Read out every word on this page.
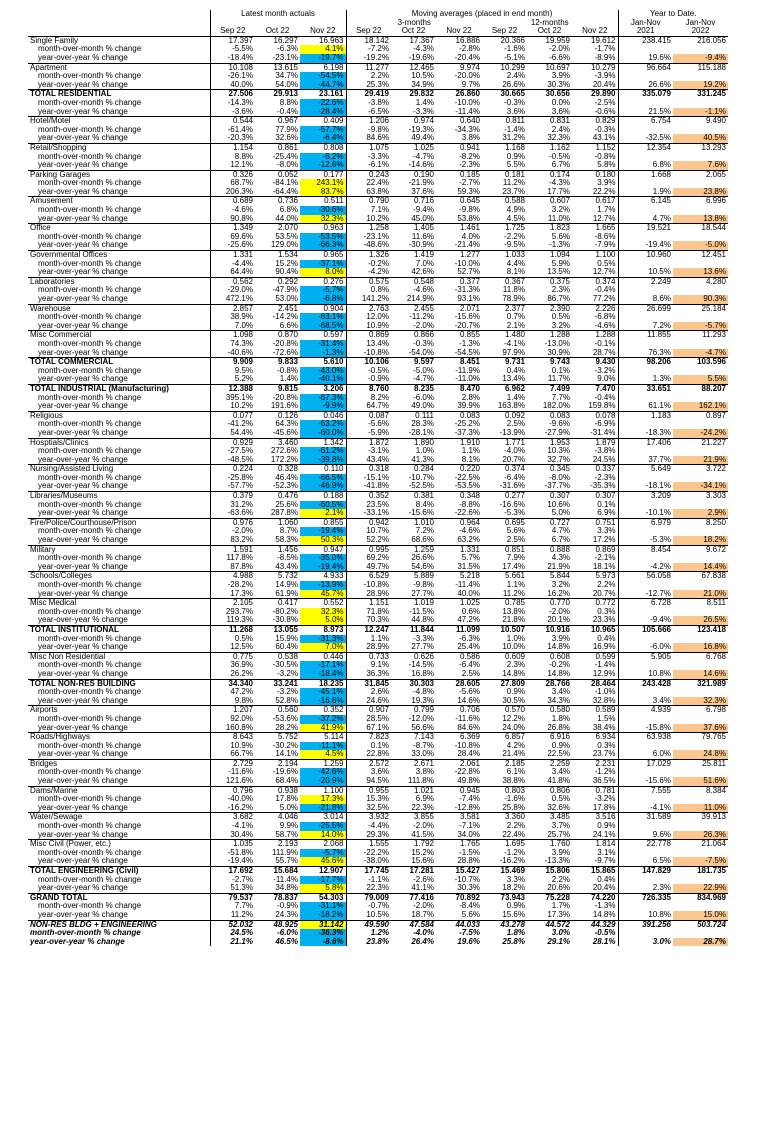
	Latest month actuals			Moving averages (placed in end month)						Year to Date.	
				3-months			12-months			Jan-Nov	Jan-Nov
	Sep 22	Oct 22	Nov 22	Sep 22	Oct 22	Nov 22	Sep 22	Oct 22	Nov 22	2021	2022
Single Family	17.397	16.297	16.963	18.142	17.367	16.886	20.366	19.959	19.612	238.415	216.056
month-over-month % change	-5.5%	-6.3%	4.1%	-7.2%	-4.3%	-2.8%	-1.6%	-2.0%	-1.7%		
year-over-year % change	-18.4%	-23.1%	-19.7%	-19.2%	-19.6%	-20.4%	-5.1%	-6.6%	-8.9%	19.6%	-9.4%
Apartment	10.108	13.615	6.198	11.277	12.465	9.974	10.299	10.697	10.279	96.664	115.188
month-over-month % change	-26.1%	34.7%	-54.5%	2.2%	10.5%	-20.0%	2.4%	3.9%	-3.9%		
year-over-year % change	40.0%	54.0%	-44.7%	25.3%	34.9%	9.7%	26.6%	30.3%	20.4%	26.6%	19.2%
TOTAL RESIDENTIAL	27.506	29.913	23.161	29.419	29.832	26.860	30.665	30.656	29.890	335.079	331.245
month-over-month % change	-14.3%	8.8%	-22.6%	-3.8%	1.4%	-10.0%	-0.3%	0.0%	-2.5%		
year-over-year % change	-3.6%	-0.4%	-28.4%	-6.5%	-3.3%	-11.4%	3.6%	3.6%	-0.6%	21.5%	-1.1%
Hotel/Motel	0.544	0.967	0.409	1.206	0.974	0.640	0.811	0.831	0.829	6.754	9.490
month-over-month % change	-61.4%	77.9%	-57.7%	-9.8%	-19.3%	-34.3%	-1.4%	2.4%	-0.3%		
year-over-year % change	-20.3%	32.6%	-6.4%	84.6%	49.4%	3.8%	31.2%	32.3%	43.1%	-32.5%	40.5%
Retail/Shopping	1.154	0.861	0.808	1.075	1.025	0.941	1.168	1.162	1.152	12.354	13.293
month-over-month % change	8.8%	-25.4%	-6.2%	-3.3%	-4.7%	-8.2%	0.9%	-0.5%	-0.8%		
year-over-year % change	12.1%	-8.0%	-12.6%	-6.1%	-14.6%	-2.3%	5.5%	6.7%	5.8%	6.8%	7.6%
Parking Garages	0.326	0.052	0.177	0.243	0.190	0.185	0.181	0.174	0.180	1.668	2.065
month-over-month % change	68.7%	-84.1%	243.1%	22.4%	-21.9%	-2.7%	11.2%	-4.3%	3.9%		
year-over-year % change	206.3%	-64.4%	83.7%	63.8%	37.6%	59.3%	23.7%	17.7%	22.2%	1.9%	23.8%
Amusement	0.689	0.736	0.511	0.790	0.716	0.645	0.588	0.607	0.617	6.145	6.996
month-over-month % change	-4.6%	6.8%	-30.6%	7.1%	-9.4%	-9.8%	4.9%	3.2%	1.7%		
year-over-year % change	90.8%	44.0%	32.3%	10.2%	45.0%	53.8%	4.5%	11.0%	12.7%	4.7%	13.8%
Office	1.349	2.070	0.963	1.258	1.405	1.461	1.725	1.823	1.665	19.521	18.544
month-over-month % change	69.6%	53.5%	-53.5%	-23.1%	11.6%	4.0%	-2.2%	5.6%	-8.6%		
year-over-year % change	-25.6%	129.0%	-66.3%	-48.6%	-30.9%	-21.4%	-9.5%	-1.3%	-7.9%	-19.4%	-5.0%
Governmental Offices	1.331	1.534	0.965	1.326	1.419	1.277	1.033	1.094	1.100	10.960	12.451
month-over-month % change	-4.4%	15.2%	-37.1%	-0.2%	7.0%	-10.0%	4.4%	5.9%	0.5%		
year-over-year % change	64.4%	90.4%	8.0%	-4.2%	42.6%	52.7%	8.1%	13.5%	12.7%	10.5%	13.6%
Laboratories	0.562	0.292	0.276	0.575	0.548	0.377	0.367	0.375	0.374	2.249	4.280
month-over-month % change	-29.0%	-47.9%	-5.7%	0.8%	-4.6%	-31.3%	11.8%	2.3%	-0.4%		
year-over-year % change	472.1%	53.0%	-6.8%	141.2%	214.9%	93.1%	78.9%	86.7%	77.2%	8.6%	90.3%
Warehouse	2.857	2.451	0.904	2.763	2.455	2.071	2.377	2.390	2.226	26.699	25.184
month-over-month % change	38.9%	-14.2%	-63.1%	12.0%	-11.2%	-15.6%	0.7%	0.5%	-6.8%		
year-over-year % change	7.0%	6.6%	-68.5%	10.9%	-2.0%	-20.7%	2.1%	3.2%	-4.6%	7.2%	-5.7%
Misc Commercial	1.098	0.870	0.597	0.869	0.866	0.855	1.480	1.288	1.288	11.855	11.293
month-over-month % change	74.3%	-20.8%	-31.4%	13.4%	-0.3%	-1.3%	-4.1%	-13.0%	-0.1%		
year-over-year % change	-40.6%	-72.6%	-1.3%	-10.8%	-54.0%	-54.5%	97.9%	30.9%	28.7%	76.3%	-4.7%
TOTAL COMMERCIAL	9.909	9.833	5.610	10.106	9.597	8.451	9.731	9.743	9.430	98.206	103.596
month-over-month % change	9.5%	-0.8%	-43.0%	-0.5%	-5.0%	-11.9%	0.4%	0.1%	-3.2%		
year-over-year % change	5.2%	1.4%	-40.1%	-0.9%	-4.7%	-11.0%	13.4%	11.7%	9.0%	1.3%	5.5%
TOTAL INDUSTRIAL (Manufacturing)	12.388	9.815	3.206	8.760	8.235	8.470	6.962	7.499	7.470	33.651	88.207
month-over-month % change	395.1%	-20.8%	-67.3%	8.2%	-6.0%	2.8%	1.4%	7.7%	-0.4%		
year-over-year % change	10.2%	191.6%	-9.9%	64.7%	49.0%	39.9%	163.8%	182.0%	159.8%	61.1%	162.1%
Religious	0.077	0.126	0.046	0.087	0.111	0.083	0.092	0.083	0.078	1.183	0.897
month-over-month % change	-41.2%	64.3%	-63.2%	-5.6%	28.3%	-25.2%	2.5%	-9.6%	-6.9%		
year-over-year % change	54.4%	-45.6%	-60.0%	-5.9%	-28.1%	-37.3%	-13.9%	-27.9%	-31.4%	-18.3%	-24.2%
Hosptials/Clinics	0.929	3.460	1.342	1.872	1.890	1.910	1.771	1.953	1.879	17.406	21.227
month-over-month % change	-27.5%	272.6%	-61.2%	-3.1%	1.0%	1.1%	-4.0%	10.3%	-3.8%		
year-over-year % change	-48.5%	172.2%	-39.8%	43.4%	41.3%	8.1%	20.7%	32.7%	24.5%	37.7%	21.9%
Nursing/Assisted Living	0.224	0.328	0.110	0.318	0.284	0.220	0.374	0.345	0.337	5.649	3.722
month-over-month % change	-25.8%	46.4%	-66.5%	-15.1%	-10.7%	-22.5%	-6.4%	-8.0%	-2.3%		
year-over-year % change	-57.7%	-52.3%	-46.9%	-41.8%	-52.5%	-53.5%	-31.6%	-37.7%	-35.3%	-18.1%	-34.1%
Libraries/Museums	0.379	0.476	0.188	0.352	0.381	0.348	0.277	0.307	0.307	3.209	3.303
month-over-month % change	31.2%	25.6%	-60.5%	23.5%	8.4%	-8.8%	-16.6%	10.6%	0.1%		
year-over-year % change	-63.6%	287.8%	2.1%	-33.1%	-15.6%	-22.6%	-5.3%	5.0%	6.9%	-10.1%	2.9%
Fire/Police/Courthouse/Prison	0.976	1.060	0.855	0.942	1.010	0.964	0.695	0.727	0.751	6.979	8.250
month-over-month % change	-2.0%	8.7%	-19.4%	10.7%	7.2%	-4.6%	5.6%	4.7%	3.3%		
year-over-year % change	83.2%	58.3%	50.3%	52.2%	68.6%	63.2%	2.5%	6.7%	17.2%	-5.3%	18.2%
Military	1.591	1.456	0.947	0.995	1.259	1.331	0.851	0.888	0.869	8.454	9.672
month-over-month % change	117.8%	-8.5%	-35.0%	69.2%	26.6%	5.7%	7.9%	4.3%	-2.1%		
year-over-year % change	87.8%	43.4%	-19.4%	49.7%	54.6%	31.5%	17.4%	21.9%	18.1%	-4.2%	14.4%
Schools/Colleges	4.988	5.732	4.933	6.529	5.889	5.218	5.661	5.844	5.973	56.058	67.838
month-over-month % change	-28.2%	14.9%	-13.9%	-10.8%	-9.8%	-11.4%	1.1%	3.2%	2.2%		
year-over-year % change	17.3%	61.9%	45.7%	28.9%	27.7%	40.0%	11.2%	16.2%	20.7%	-12.7%	21.0%
Misc Medical	2.105	0.417	0.552	1.151	1.019	1.025	0.785	0.770	0.772	6.728	8.511
month-over-month % change	293.7%	-80.2%	32.3%	71.8%	-11.5%	0.6%	13.8%	-2.0%	0.3%		
year-over-year % change	119.3%	-30.8%	5.0%	70.3%	44.8%	47.2%	21.8%	20.1%	23.3%	-9.4%	26.5%
TOTAL INSTITUTIONAL	11.268	13.055	8.973	12.247	11.844	11.099	10.507	10.916	10.965	105.666	123.418
month-over-month % change	0.5%	15.9%	-31.3%	1.1%	-3.3%	-6.3%	1.0%	3.9%	0.4%		
year-over-year % change	12.5%	60.4%	7.0%	28.9%	27.7%	25.4%	10.0%	14.8%	16.9%	-6.0%	16.8%
Misc Non Residential	0.775	0.538	0.446	0.733	0.626	0.586	0.609	0.608	0.599	5.905	6.768
month-over-month % change	36.9%	-30.5%	-17.1%	9.1%	-14.5%	-6.4%	2.3%	-0.2%	-1.4%		
year-over-year % change	26.2%	-3.2%	-18.4%	36.3%	16.8%	2.5%	14.8%	14.8%	12.9%	10.8%	14.6%
TOTAL NON-RES BUILDING	34.340	33.241	18.235	31.845	30.303	28.605	27.809	28.766	28.464	243.428	321.989
month-over-month % change	47.2%	-3.2%	-45.1%	2.6%	-4.8%	-5.6%	0.9%	3.4%	-1.0%		
year-over-year % change	9.8%	52.8%	-16.6%	24.6%	19.3%	14.6%	30.5%	34.3%	32.8%	3.4%	32.3%
Airports	1.207	0.560	0.352	0.907	0.799	0.706	0.570	0.580	0.589	4.939	6.798
month-over-month % change	92.0%	-53.6%	-37.2%	28.5%	-12.0%	-11.6%	12.2%	1.8%	1.5%		
year-over-year % change	160.8%	28.2%	41.9%	67.1%	56.6%	84.6%	24.0%	26.8%	38.4%	-15.8%	37.6%
Roads/Highways	8.643	5.752	5.114	7.823	7.143	6.369	6.857	6.916	6.934	63.938	79.765
month-over-month % change	10.9%	-30.2%	-11.1%	0.1%	-8.7%	-10.8%	4.2%	0.9%	0.3%		
year-over-year % change	66.7%	14.1%	4.5%	22.8%	33.0%	28.4%	21.4%	22.5%	23.7%	6.0%	24.8%
Bridges	2.729	2.194	1.259	2.572	2.671	2.061	2.185	2.259	2.231	17.029	25.811
month-over-month % change	-11.6%	-19.6%	-42.6%	3.6%	3.8%	-22.8%	6.1%	3.4%	-1.2%		
year-over-year % change	121.6%	68.4%	-20.9%	94.5%	111.8%	49.8%	38.8%	41.8%	36.5%	-15.6%	51.6%
Dams/Marine	0.796	0.938	1.100	0.955	1.021	0.945	0.803	0.806	0.781	7.555	8.384
month-over-month % change	-40.0%	17.8%	17.3%	15.3%	6.9%	-7.4%	-1.6%	0.5%	-3.2%		
year-over-year % change	-16.2%	5.0%	-21.8%	32.5%	22.3%	-12.8%	25.8%	32.6%	17.8%	-4.1%	11.0%
Water/Sewage	3.682	4.046	3.014	3.932	3.855	3.581	3.360	3.485	3.516	31.589	39.913
month-over-month % change	-4.1%	9.9%	-25.5%	-4.4%	-2.0%	-7.1%	2.2%	3.7%	0.9%		
year-over-year % change	30.4%	58.7%	14.0%	29.3%	41.5%	34.0%	22.4%	25.7%	24.1%	9.6%	26.3%
Misc Civil (Power, etc.)	1.035	2.193	2.068	1.555	1.792	1.765	1.695	1.760	1.814	22.778	21.064
month-over-month % change	-51.8%	111.9%	-5.7%	-22.2%	15.2%	-1.5%	-1.2%	3.9%	3.1%		
year-over-year % change	-19.4%	55.7%	45.6%	-38.0%	15.6%	28.8%	-16.2%	-13.3%	-9.7%	6.5%	-7.5%
TOTAL ENGINEERING (Civil)	17.692	15.684	12.907	17.745	17.281	15.427	15.469	15.806	15.865	147.829	181.735
month-over-month % change	-2.7%	-11.4%	-17.7%	-1.1%	-2.6%	-10.7%	3.3%	2.2%	0.4%		
year-over-year % change	51.3%	34.8%	5.8%	22.3%	41.1%	30.3%	18.2%	20.6%	20.4%	2.3%	22.9%
GRAND TOTAL	79.537	78.837	54.303	79.009	77.416	70.892	73.943	75.228	74.220	726.335	834.969
month-over-month % change	7.7%	-0.9%	-31.1%	-0.7%	-2.0%	-8.4%	0.9%	1.7%	-1.3%		
year-over-year % change	11.2%	24.3%	-18.2%	10.5%	18.7%	5.6%	15.6%	17.3%	14.8%	10.8%	15.0%
NON-RES BLDG + ENGINEERING	52.032	48.925	31.142	49.590	47.584	44.033	43.278	44.572	44.329	391.256	503.724
month-over-month % change	24.5%	-6.0%	-36.3%	1.2%	-4.0%	-7.5%	1.8%	3.0%	-0.5%		
year-over-year % change	21.1%	46.5%	-8.6%	23.8%	26.4%	19.6%	25.8%	29.1%	28.1%	3.0%	28.7%
